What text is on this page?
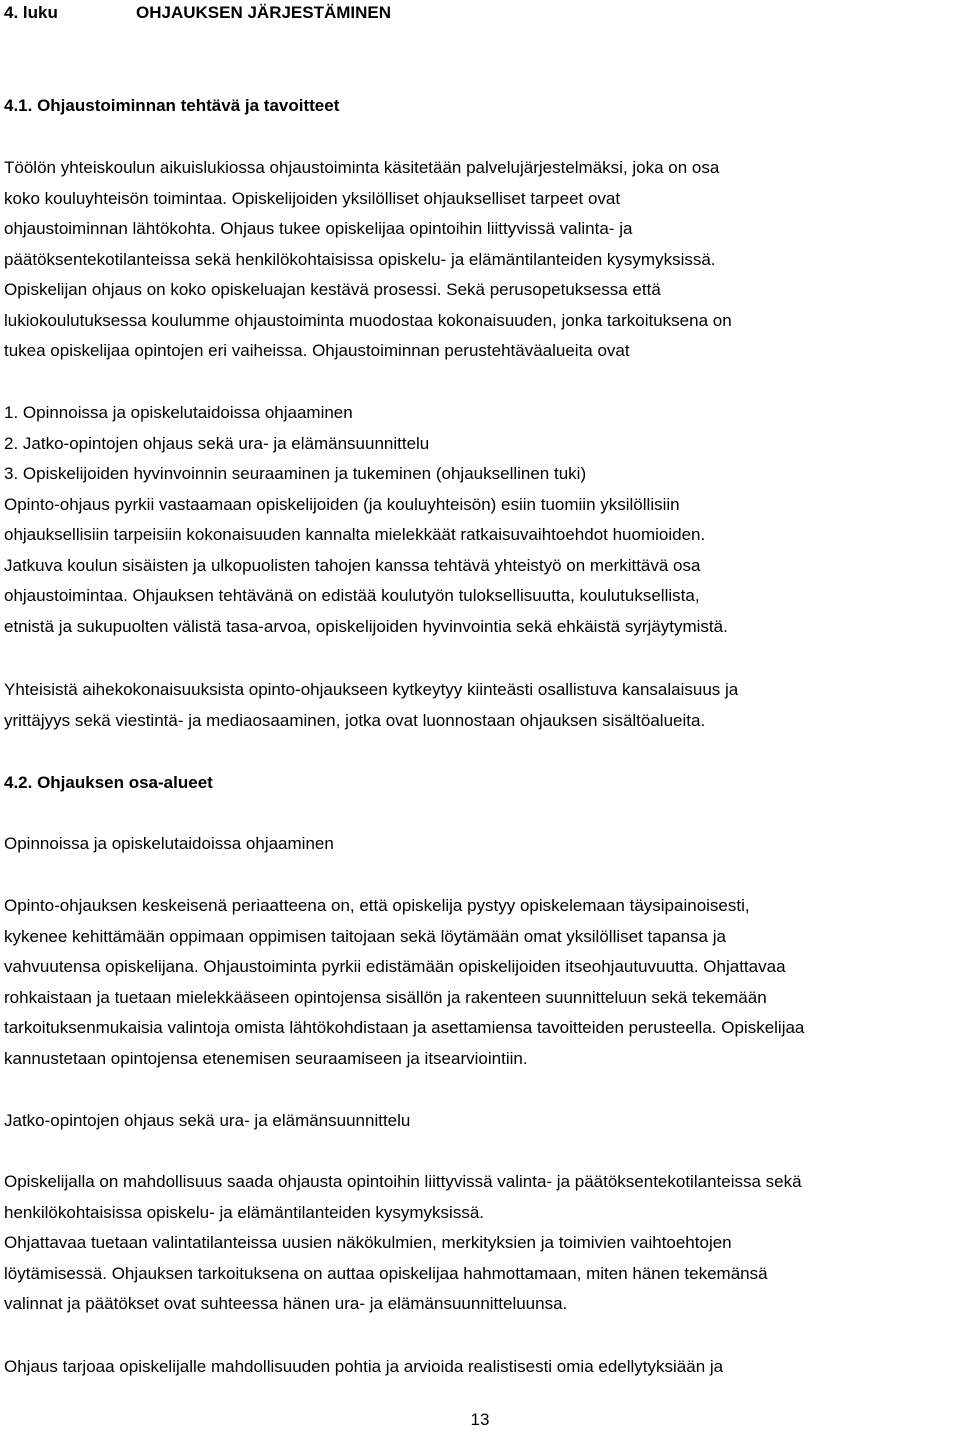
4. luku	OHJAUKSEN JÄRJESTÄMINEN
4.1. Ohjaustoiminnan tehtävä ja tavoitteet
Töölön yhteiskoulun aikuislukiossa ohjaustoiminta käsitetään palvelujärjestelmäksi, joka on osa
koko kouluyhteisön toimintaa. Opiskelijoiden yksilölliset ohjaukselliset tarpeet ovat
ohjaustoiminnan lähtökohta. Ohjaus tukee opiskelijaa opintoihin liittyvissä valinta- ja
päätöksentekotilanteissa sekä henkilökohtaisissa opiskelu- ja elämäntilanteiden kysymyksissä.
Opiskelijan ohjaus on koko opiskeluajan kestävä prosessi. Sekä perusopetuksessa että
lukiokoulutuksessa koulumme ohjaustoiminta muodostaa kokonaisuuden, jonka tarkoituksena on
tukea opiskelijaa opintojen eri vaiheissa. Ohjaustoiminnan perustehtäväalueita ovat
1. Opinnoissa ja opiskelutaidoissa ohjaaminen
2. Jatko-opintojen ohjaus sekä ura- ja elämänsuunnittelu
3. Opiskelijoiden hyvinvoinnin seuraaminen ja tukeminen (ohjauksellinen tuki)
Opinto-ohjaus pyrkii vastaamaan opiskelijoiden (ja kouluyhteisön) esiin tuomiin yksilöllisiin
ohjauksellisiin tarpeisiin kokonaisuuden kannalta mielekkäät ratkaisuvaihtoehdot huomioiden.
Jatkuva koulun sisäisten ja ulkopuolisten tahojen kanssa tehtävä yhteistyö on merkittävä osa
ohjaustoimintaa. Ohjauksen tehtävänä on edistää koulutyön tuloksellisuutta, koulutuksellista,
etnistä ja sukupuolten välistä tasa-arvoa, opiskelijoiden hyvinvointia sekä ehkäistä syrjäytymistä.
Yhteisistä aihekokonaisuuksista opinto-ohjaukseen kytkeytyy kiinteästi osallistuva kansalaisuus ja
yrittäjyys sekä viestintä- ja mediaosaaminen, jotka ovat luonnostaan ohjauksen sisältöalueita.
4.2. Ohjauksen osa-alueet
Opinnoissa ja opiskelutaidoissa ohjaaminen
Opinto-ohjauksen keskeisenä periaatteena on, että opiskelija pystyy opiskelemaan täysipainoisesti,
kykenee kehittämään oppimaan oppimisen taitojaan sekä löytämään omat yksilölliset tapansa ja
vahvuutensa opiskelijana. Ohjaustoiminta pyrkii edistämään opiskelijoiden itseohjautuvuutta. Ohjattavaa
rohkaistaan ja tuetaan mielekkääseen opintojensa sisällön ja rakenteen suunnitteluun sekä tekemään
tarkoituksenmukaisia valintoja omista lähtökohdistaan ja asettamiensa tavoitteiden perusteella. Opiskelijaa
kannustetaan opintojensa etenemisen seuraamiseen ja itsearviointiin.
Jatko-opintojen ohjaus sekä ura- ja elämänsuunnittelu
Opiskelijalla on mahdollisuus saada ohjausta opintoihin liittyvissä valinta- ja päätöksentekotilanteissa sekä
henkilökohtaisissa opiskelu- ja elämäntilanteiden kysymyksissä.
Ohjattavaa tuetaan valintatilanteissa uusien näkökulmien, merkityksien ja toimivien vaihtoehtojen
löytämisessä. Ohjauksen tarkoituksena on auttaa opiskelijaa hahmottamaan, miten hänen tekemänsä
valinnat ja päätökset ovat suhteessa hänen ura- ja elämänsuunnitteluunsa.
Ohjaus tarjoaa opiskelijalle mahdollisuuden pohtia ja arvioida realistisesti omia edellytyksiään ja
13
